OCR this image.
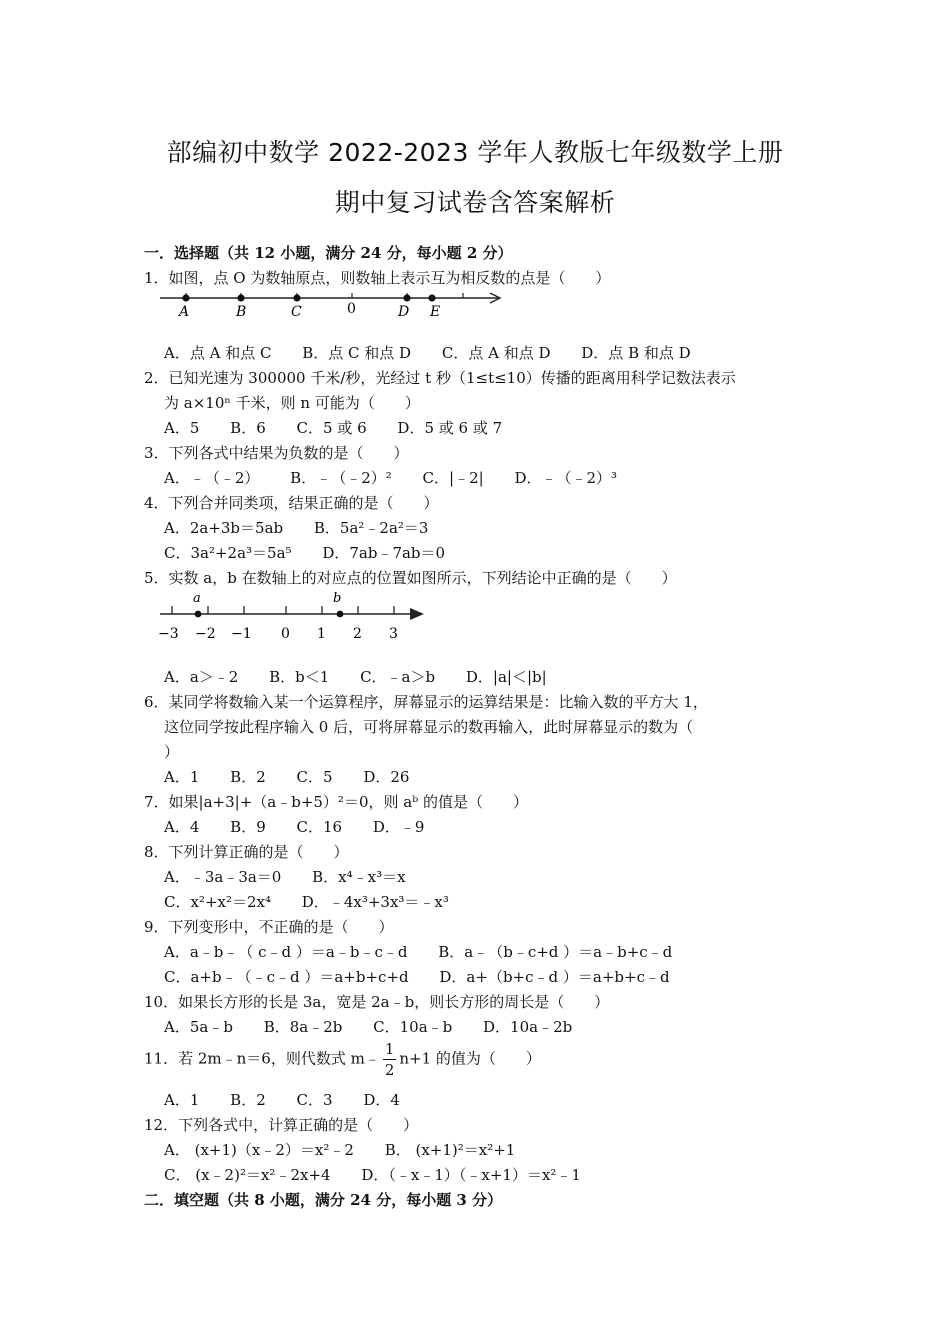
部编初中数学 2022-2023 学年人教版七年级数学上册
期中复习试卷含答案解析
一．选择题（共 12 小题，满分 24 分，每小题 2 分）
1．如图，点 O 为数轴原点，则数轴上表示互为相反数的点是（　　）
A	B	C	0	D E
A．点 A 和点 C B．点 C 和点 D C．点 A 和点 D D．点 B 和点 D
2．已知光速为 300000 千米/秒，光经过 t 秒（1≤t≤10）传播的距离用科学记数法表示
为 a×10ⁿ 千米，则 n 可能为（　　）
A．5 B．6 C．5 或 6 D．5 或 6 或 7
3．下列各式中结果为负数的是（　　）
A．﹣（﹣2） B．﹣（﹣2）² C．|﹣2| D．﹣（﹣2）³
4．下列合并同类项，结果正确的是（　　）
A．2a+3b＝5ab B．5a²﹣2a²＝3
C．3a²+2a³＝5a⁵ D．7ab﹣7ab＝0
5．实数 a，b 在数轴上的对应点的位置如图所示，下列结论中正确的是（　　）
a	b
−3 −2 −1 0 1 2 3
A．a＞﹣2 B．b＜1 C．﹣a＞b D．|a|＜|b|
6．某同学将数输入某一个运算程序，屏幕显示的运算结果是：比输入数的平方大 1，
这位同学按此程序输入 0 后，可将屏幕显示的数再输入，此时屏幕显示的数为（
）
A．1 B．2 C．5 D．26
7．如果|a+3|+（a﹣b+5）²＝0，则 aᵇ 的值是（　　）
A．4 B．9 C．16 D．﹣9
8．下列计算正确的是（　　）
A．﹣3a﹣3a＝0 B．x⁴﹣x³＝x
C．x²+x²＝2x⁴ D．﹣4x³+3x³＝﹣x³
9．下列变形中，不正确的是（　　）
A．a﹣b﹣（ c﹣d ）＝a﹣b﹣c﹣d B．a﹣（b﹣c+d ）＝a﹣b+c﹣d
C．a+b﹣（﹣c﹣d ）＝a+b+c+d D．a+（b+c﹣d ）＝a+b+c﹣d
10．如果长方形的长是 3a，宽是 2a﹣b，则长方形的周长是（　　）
A．5a﹣b B．8a﹣2b C．10a﹣b D．10a﹣2b
11．若 2m﹣n＝6，则代数式 m﹣ $\frac{1}{2} n+1$ 的值为（　　）
A．1 B．2 C．3 D．4
12．下列各式中，计算正确的是（　　）
A． (x+1)（x﹣2）＝x²﹣2 B． (x+1)²＝x²+1
C． (x﹣2)²＝x²﹣2x+4 D．（﹣x﹣1）（﹣x+1）＝x²﹣1
二．填空题（共 8 小题，满分 24 分，每小题 3 分）
